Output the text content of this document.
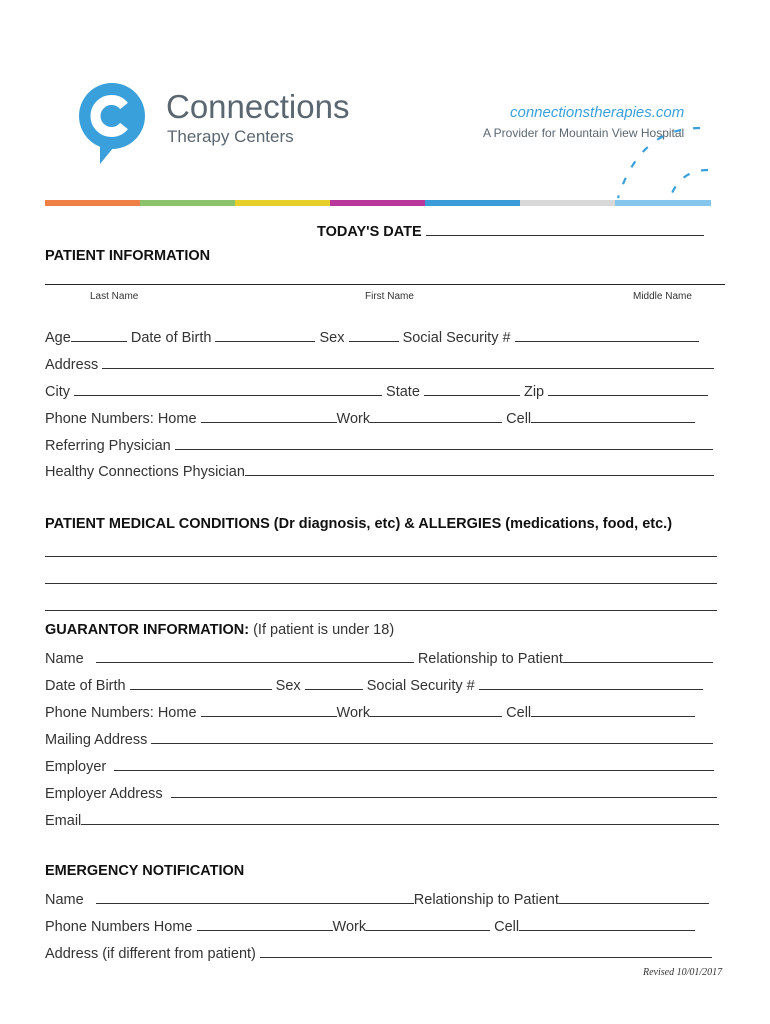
Connections
Therapy Centers
connectionstherapies.com
A Provider for Mountain View Hospital
TODAY'S DATE
PATIENT INFORMATION
Last Name	First Name	Middle Name
Age	Date of Birth	Sex	Social Security #
Address
City	State	Zip
Phone Numbers: Home	Work	Cell
Referring Physician
Healthy Connections Physician
PATIENT MEDICAL CONDITIONS (Dr diagnosis, etc) & ALLERGIES (medications, food, etc.)
GUARANTOR INFORMATION: (If patient is under 18)
Name	Relationship to Patient
Date of Birth	Sex	Social Security #
Phone Numbers: Home	Work	Cell
Mailing Address
Employer
Employer Address
Email
EMERGENCY NOTIFICATION
Name	Relationship to Patient
Phone Numbers Home	Work	Cell
Address (if different from patient)
Revised 10/01/2017
